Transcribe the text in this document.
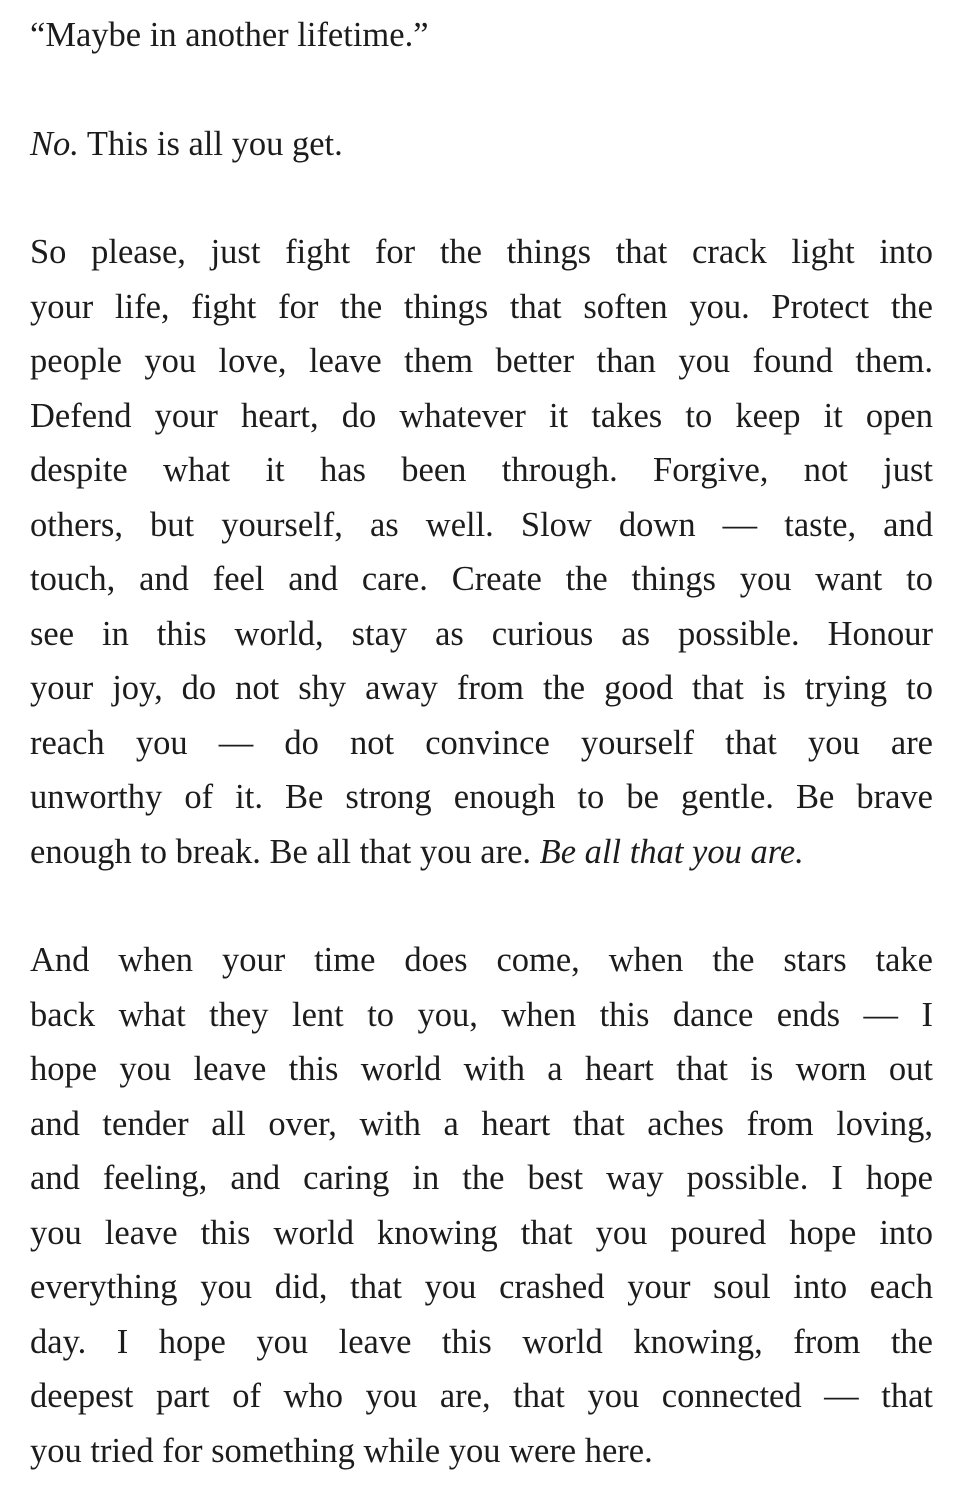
“Maybe in another lifetime.”

No. This is all you get.

So please, just fight for the things that crack light into
your life, fight for the things that soften you. Protect the
people you love, leave them better than you found them.
Defend your heart, do whatever it takes to keep it open
despite what it has been through. Forgive, not just
others, but yourself, as well. Slow down — taste, and
touch, and feel and care. Create the things you want to
see in this world, stay as curious as possible. Honour
your joy, do not shy away from the good that is trying to
reach you — do not convince yourself that you are
unworthy of it. Be strong enough to be gentle. Be brave
enough to break. Be all that you are. Be all that you are.

And when your time does come, when the stars take
back what they lent to you, when this dance ends — I
hope you leave this world with a heart that is worn out
and tender all over, with a heart that aches from loving,
and feeling, and caring in the best way possible. I hope
you leave this world knowing that you poured hope into
everything you did, that you crashed your soul into each
day. I hope you leave this world knowing, from the
deepest part of who you are, that you connected — that
you tried for something while you were here.
